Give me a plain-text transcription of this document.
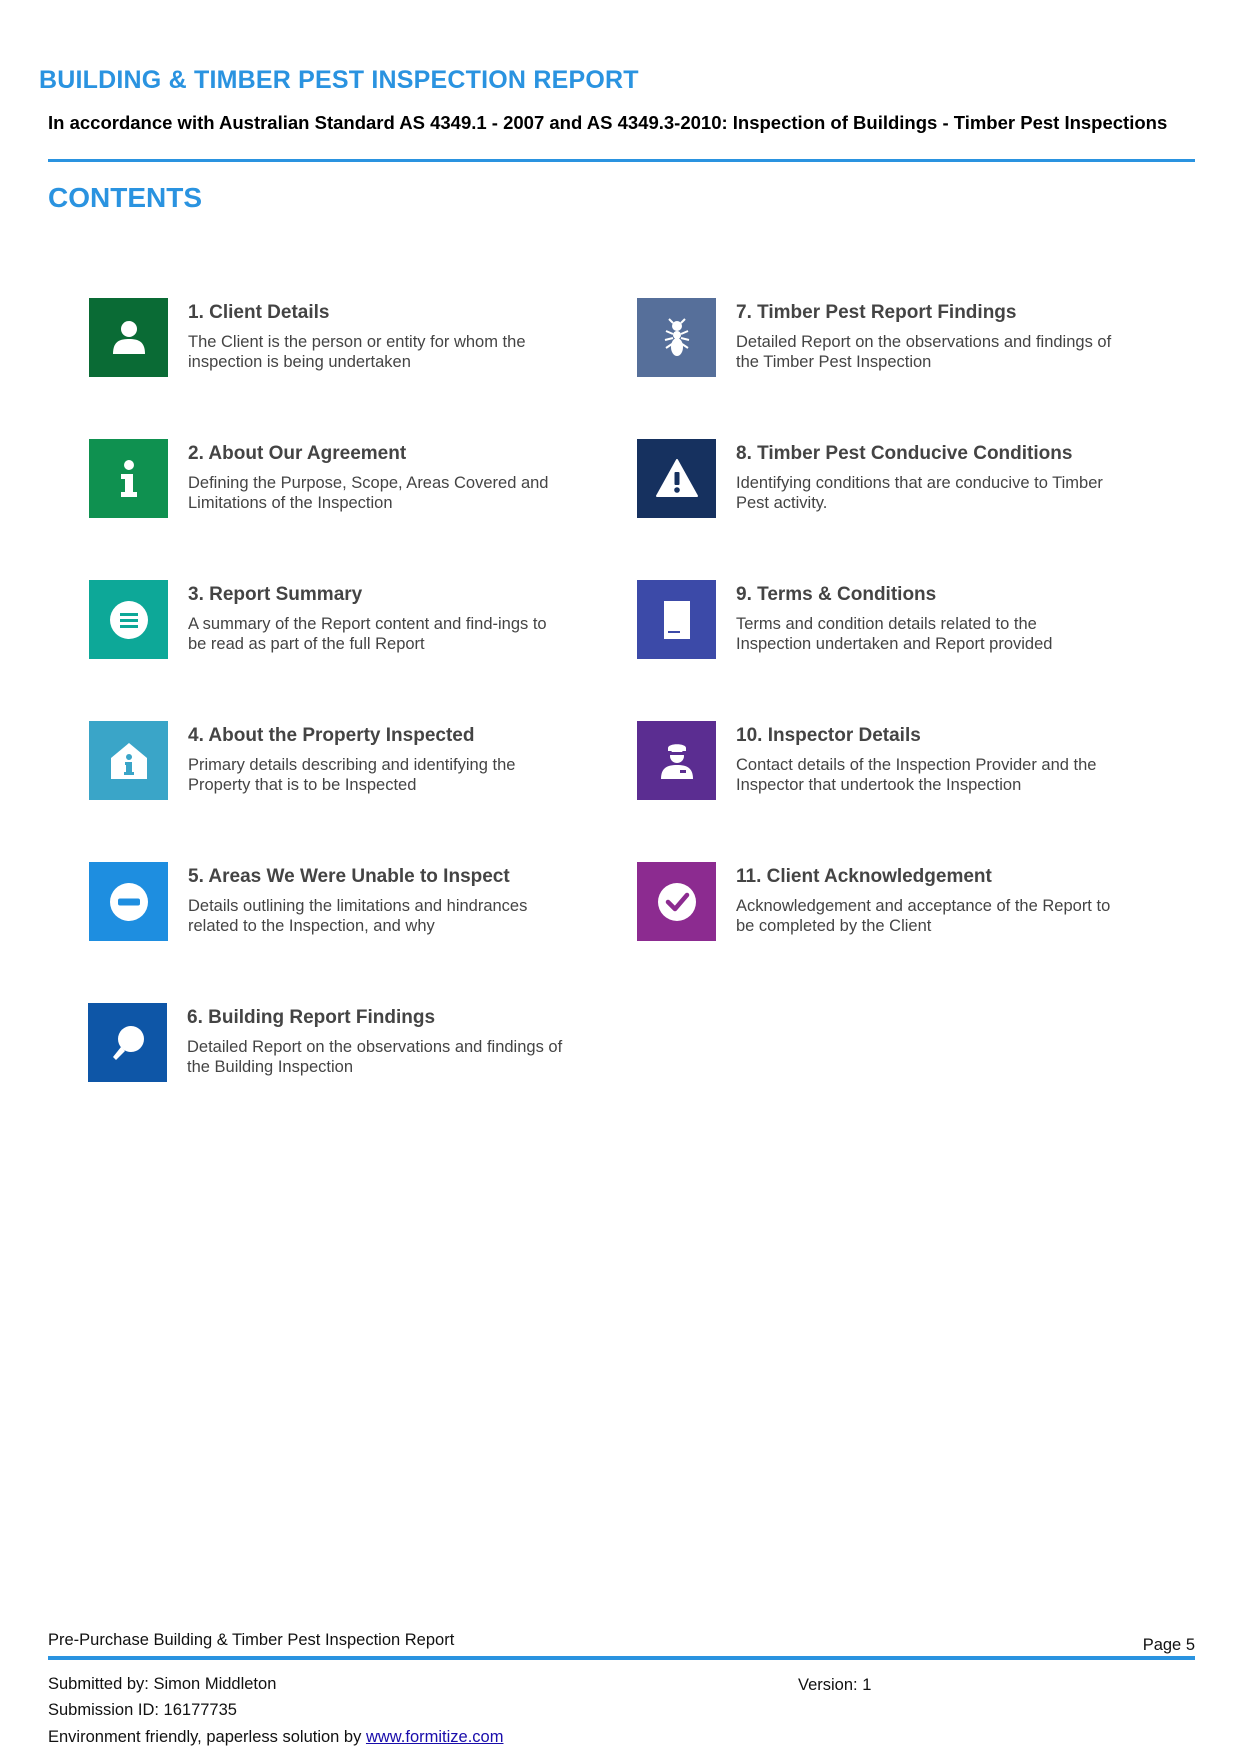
BUILDING & TIMBER PEST INSPECTION REPORT
In accordance with Australian Standard AS 4349.1 - 2007 and AS 4349.3-2010: Inspection of Buildings - Timber Pest Inspections
CONTENTS
1. Client Details
The Client is the person or entity for whom the inspection is being undertaken
2. About Our Agreement
Defining the Purpose, Scope, Areas Covered and Limitations of the Inspection
3. Report Summary
A summary of the Report content and find-ings to be read as part of the full Report
4. About the Property Inspected
Primary details describing and identifying the Property that is to be Inspected
5. Areas We Were Unable to Inspect
Details outlining the limitations and hindrances related to the Inspection, and why
6. Building Report Findings
Detailed Report on the observations and findings of the Building Inspection
7. Timber Pest Report Findings
Detailed Report on the observations and findings of the Timber Pest Inspection
8. Timber Pest Conducive Conditions
Identifying conditions that are conducive to Timber Pest activity.
9. Terms & Conditions
Terms and condition details related to the Inspection undertaken and Report provided
10. Inspector Details
Contact details of the Inspection Provider and the Inspector that undertook the Inspection
11. Client Acknowledgement
Acknowledgement and acceptance of the Report to be completed by the Client
Pre-Purchase Building & Timber Pest Inspection Report	Page 5
Submitted by: Simon Middleton	Version: 1
Submission ID: 16177735
Environment friendly, paperless solution by www.formitize.com
